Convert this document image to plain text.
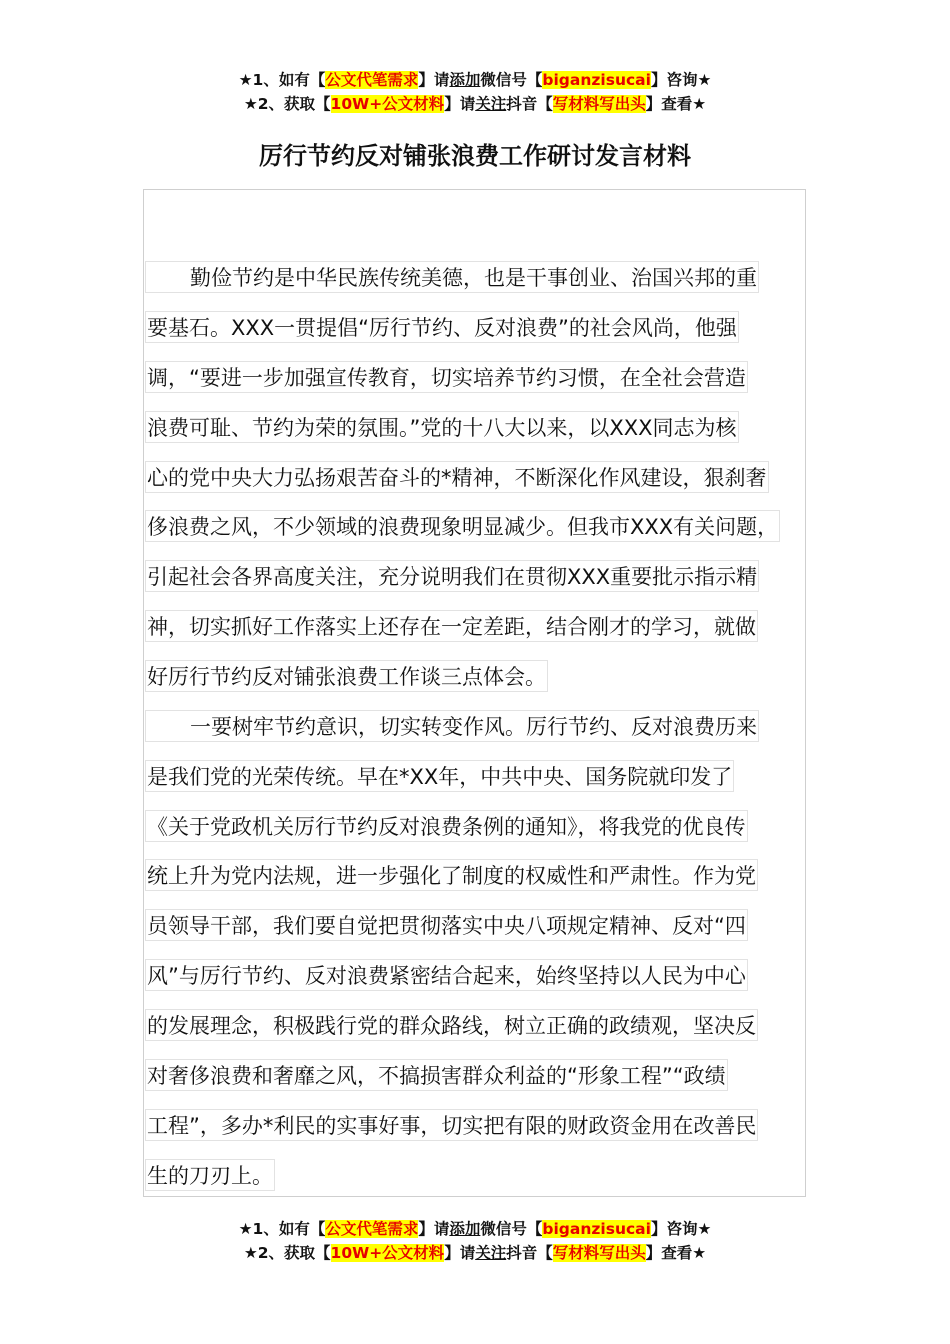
★1、如有【公文代笔需求】请添加微信号【biganzisucai】咨询★
★2、获取【10W+公文材料】请关注抖音【写材料写出头】查看★
厉行节约反对铺张浪费工作研讨发言材料
勤俭节约是中华民族传统美德，也是干事创业、治国兴邦的重
要基石。XXX一贯提倡“厉行节约、反对浪费”的社会风尚，他强
调，“要进一步加强宣传教育，切实培养节约习惯，在全社会营造
浪费可耻、节约为荣的氛围。”党的十八大以来，以XXX同志为核
心的党中央大力弘扬艰苦奋斗的*精神，不断深化作风建设，狠刹奢
侈浪费之风，不少领域的浪费现象明显减少。但我市XXX有关问题，
引起社会各界高度关注，充分说明我们在贯彻XXX重要批示指示精
神，切实抓好工作落实上还存在一定差距，结合刚才的学习，就做
好厉行节约反对铺张浪费工作谈三点体会。
一要树牢节约意识，切实转变作风。厉行节约、反对浪费历来
是我们党的光荣传统。早在*XX年，中共中央、国务院就印发了
《关于党政机关厉行节约反对浪费条例的通知》，将我党的优良传
统上升为党内法规，进一步强化了制度的权威性和严肃性。作为党
员领导干部，我们要自觉把贯彻落实中央八项规定精神、反对“四
风”与厉行节约、反对浪费紧密结合起来，始终坚持以人民为中心
的发展理念，积极践行党的群众路线，树立正确的政绩观，坚决反
对奢侈浪费和奢靡之风，不搞损害群众利益的“形象工程”“政绩
工程”，多办*利民的实事好事，切实把有限的财政资金用在改善民
生的刀刃上。
★1、如有【公文代笔需求】请添加微信号【biganzisucai】咨询★
★2、获取【10W+公文材料】请关注抖音【写材料写出头】查看★
